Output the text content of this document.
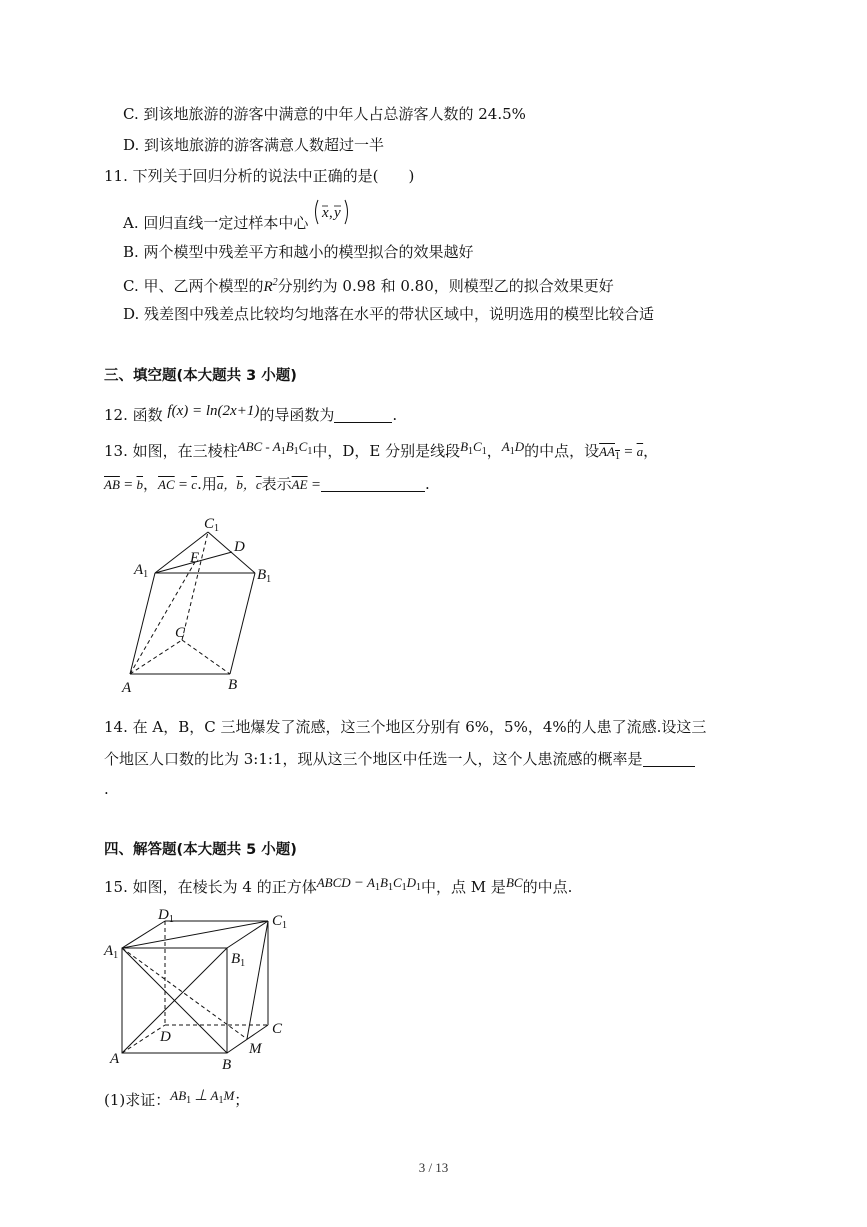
C. 到该地旅游的游客中满意的中年人占总游客人数的 24.5%
D. 到该地旅游的游客满意人数超过一半
11. 下列关于回归分析的说法中正确的是(　　)
A. 回归直线一定过样本中心
x , y
B. 两个模型中残差平方和越小的模型拟合的效果越好
C. 甲、乙两个模型的$R^2$分别约为 0.98 和 0.80，则模型乙的拟合效果更好
D. 残差图中残差点比较均匀地落在水平的带状区域中，说明选用的模型比较合适
三、填空题(本大题共 3 小题)
12. 函数 f(x) = ln(2x+1)的导函数为	.
13. 如图，在三棱柱ABC - $A_1B_1C_1$中，D，E 分别是线段$B_1C_1$，$A_1D$的中点，设$AA_1 = \overline{a}$，
$\overline{AB} = \overline{b}$，$\overline{AC} = \overline{c}$.用$\overline{a}$，$\overline{b}$，$\overline{c}$表示$\overline{AE}$ =	.
$C_1$
D
E
$A_1$	$B_1$
C
A	B
14. 在 A，B，C 三地爆发了流感，这三个地区分别有 6%，5%，4%的人患了流感.设这三
个地区人口数的比为 3:1:1，现从这三个地区中任选一人，这个人患流感的概率是
.
四、解答题(本大题共 5 小题)
15. 如图，在棱长为 4 的正方体ABCD − $A_1B_1C_1D_1$中，点 M 是BC的中点.
$D_1$	$C_1$
$A_1$	$B_1$
D	C
A	B
M
(1)求证：$AB_1$ ⊥ $A_1M$；
3 / 13
